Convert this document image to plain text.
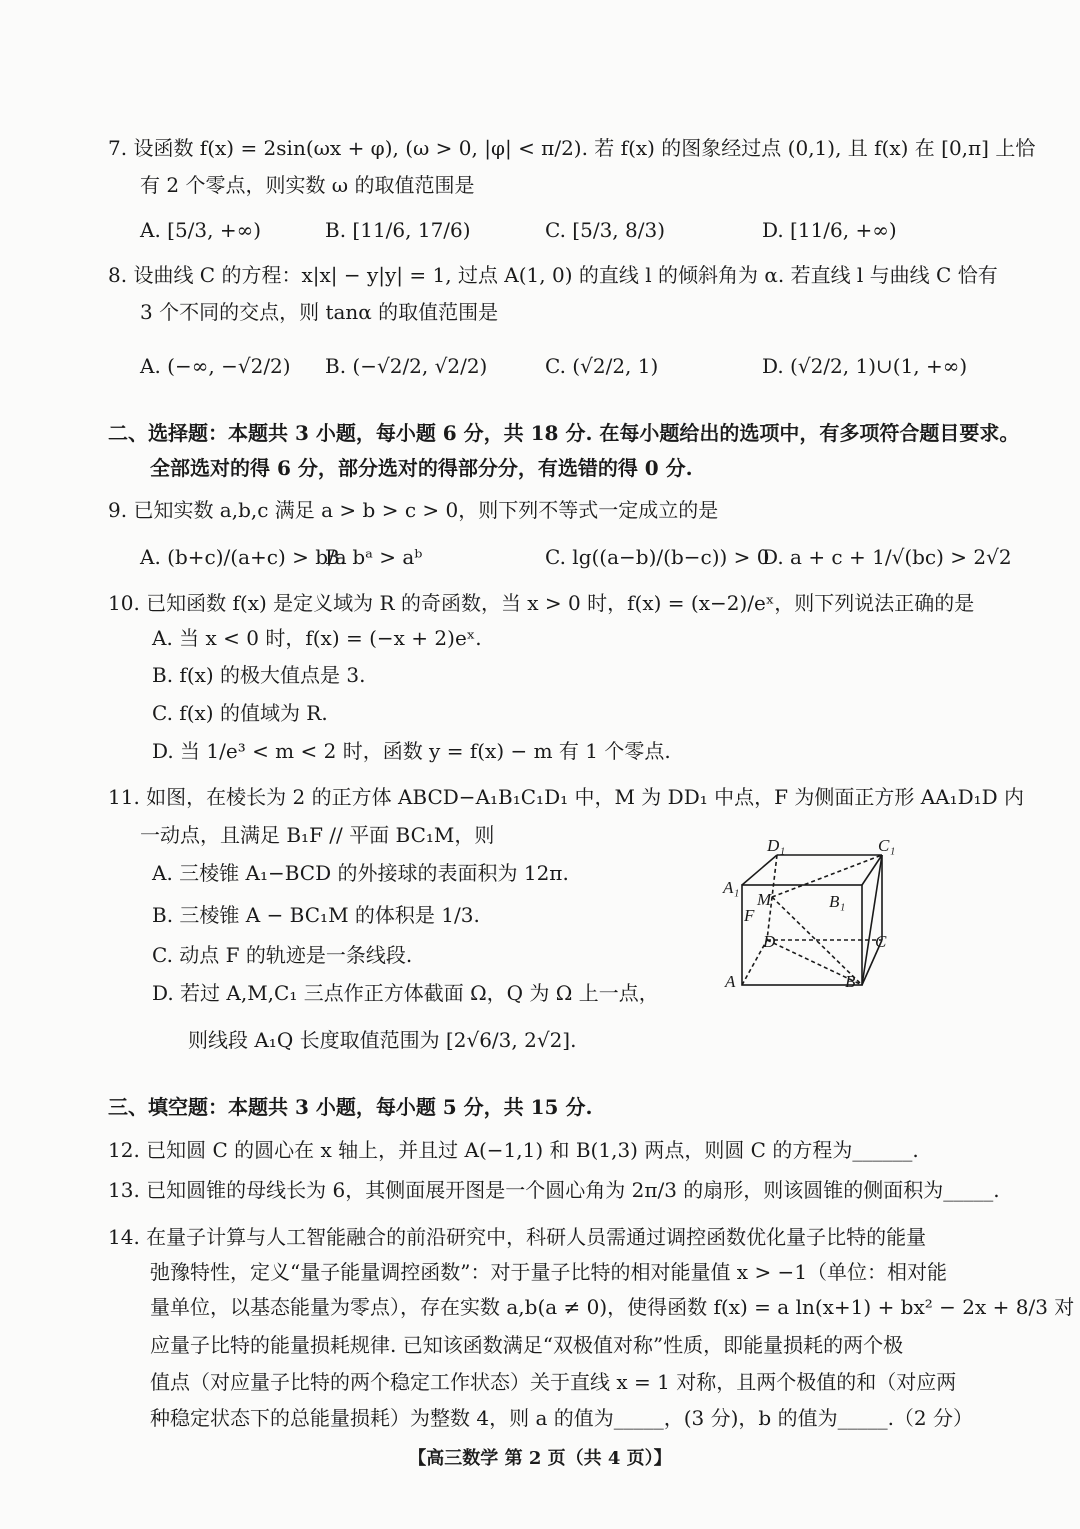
7. 设函数 f(x) = 2sin(ωx + φ), (ω > 0, |φ| < π/2). 若 f(x) 的图象经过点 (0,1), 且 f(x) 在 [0,π] 上恰
有 2 个零点，则实数 ω 的取值范围是
A. [5/3, +∞)	B. [11/6, 17/6)	C. [5/3, 8/3)	D. [11/6, +∞)
8. 设曲线 C 的方程：x|x| − y|y| = 1, 过点 A(1, 0) 的直线 l 的倾斜角为 α. 若直线 l 与曲线 C 恰有
3 个不同的交点，则 tanα 的取值范围是
A. (−∞, −√2/2) B. (−√2/2, √2/2)	C. (√2/2, 1)	D. (√2/2, 1)∪(1, +∞)
二、选择题：本题共 3 小题，每小题 6 分，共 18 分. 在每小题给出的选项中，有多项符合题目要求。
全部选对的得 6 分，部分选对的得部分分，有选错的得 0 分.
9. 已知实数 a,b,c 满足 a > b > c > 0，则下列不等式一定成立的是
A. (b+c)/(a+c) > b/a
B. bᵃ > aᵇ	C. lg((a−b)/(b−c)) > 0
D. a + c + 1/√(bc) > 2√2
10. 已知函数 f(x) 是定义域为 R 的奇函数，当 x > 0 时，f(x) = (x−2)/eˣ，则下列说法正确的是
A. 当 x < 0 时，f(x) = (−x + 2)eˣ.
B. f(x) 的极大值点是 3.
C. f(x) 的值域为 R.
D. 当 1/e³ < m < 2 时，函数 y = f(x) − m 有 1 个零点.
11. 如图，在棱长为 2 的正方体 ABCD−A₁B₁C₁D₁ 中，M 为 DD₁ 中点，F 为侧面正方形 AA₁D₁D 内
一动点，且满足 B₁F // 平面 BC₁M，则
A. 三棱锥 A₁−BCD 的外接球的表面积为 12π.
B. 三棱锥 A − BC₁M 的体积是 1/3.
C. 动点 F 的轨迹是一条线段.
D. 若过 A,M,C₁ 三点作正方体截面 Ω，Q 为 Ω 上一点，
则线段 A₁Q 长度取值范围为 [2√6/3, 2√2].
D₁	C₁
A₁
M	B₁
F
D	C
A	B
三、填空题：本题共 3 小题，每小题 5 分，共 15 分.
12. 已知圆 C 的圆心在 x 轴上，并且过 A(−1,1) 和 B(1,3) 两点，则圆 C 的方程为______.
13. 已知圆锥的母线长为 6，其侧面展开图是一个圆心角为 2π/3 的扇形，则该圆锥的侧面积为_____.
14. 在量子计算与人工智能融合的前沿研究中，科研人员需通过调控函数优化量子比特的能量
弛豫特性，定义“量子能量调控函数”：对于量子比特的相对能量值 x > −1（单位：相对能
量单位，以基态能量为零点），存在实数 a,b(a ≠ 0)，使得函数 f(x) = a ln(x+1) + bx² − 2x + 8/3 对
应量子比特的能量损耗规律. 已知该函数满足“双极值对称”性质，即能量损耗的两个极
值点（对应量子比特的两个稳定工作状态）关于直线 x = 1 对称，且两个极值的和（对应两
种稳定状态下的总能量损耗）为整数 4，则 a 的值为_____，(3 分)，b 的值为_____.（2 分）
【高三数学 第 2 页（共 4 页）】
